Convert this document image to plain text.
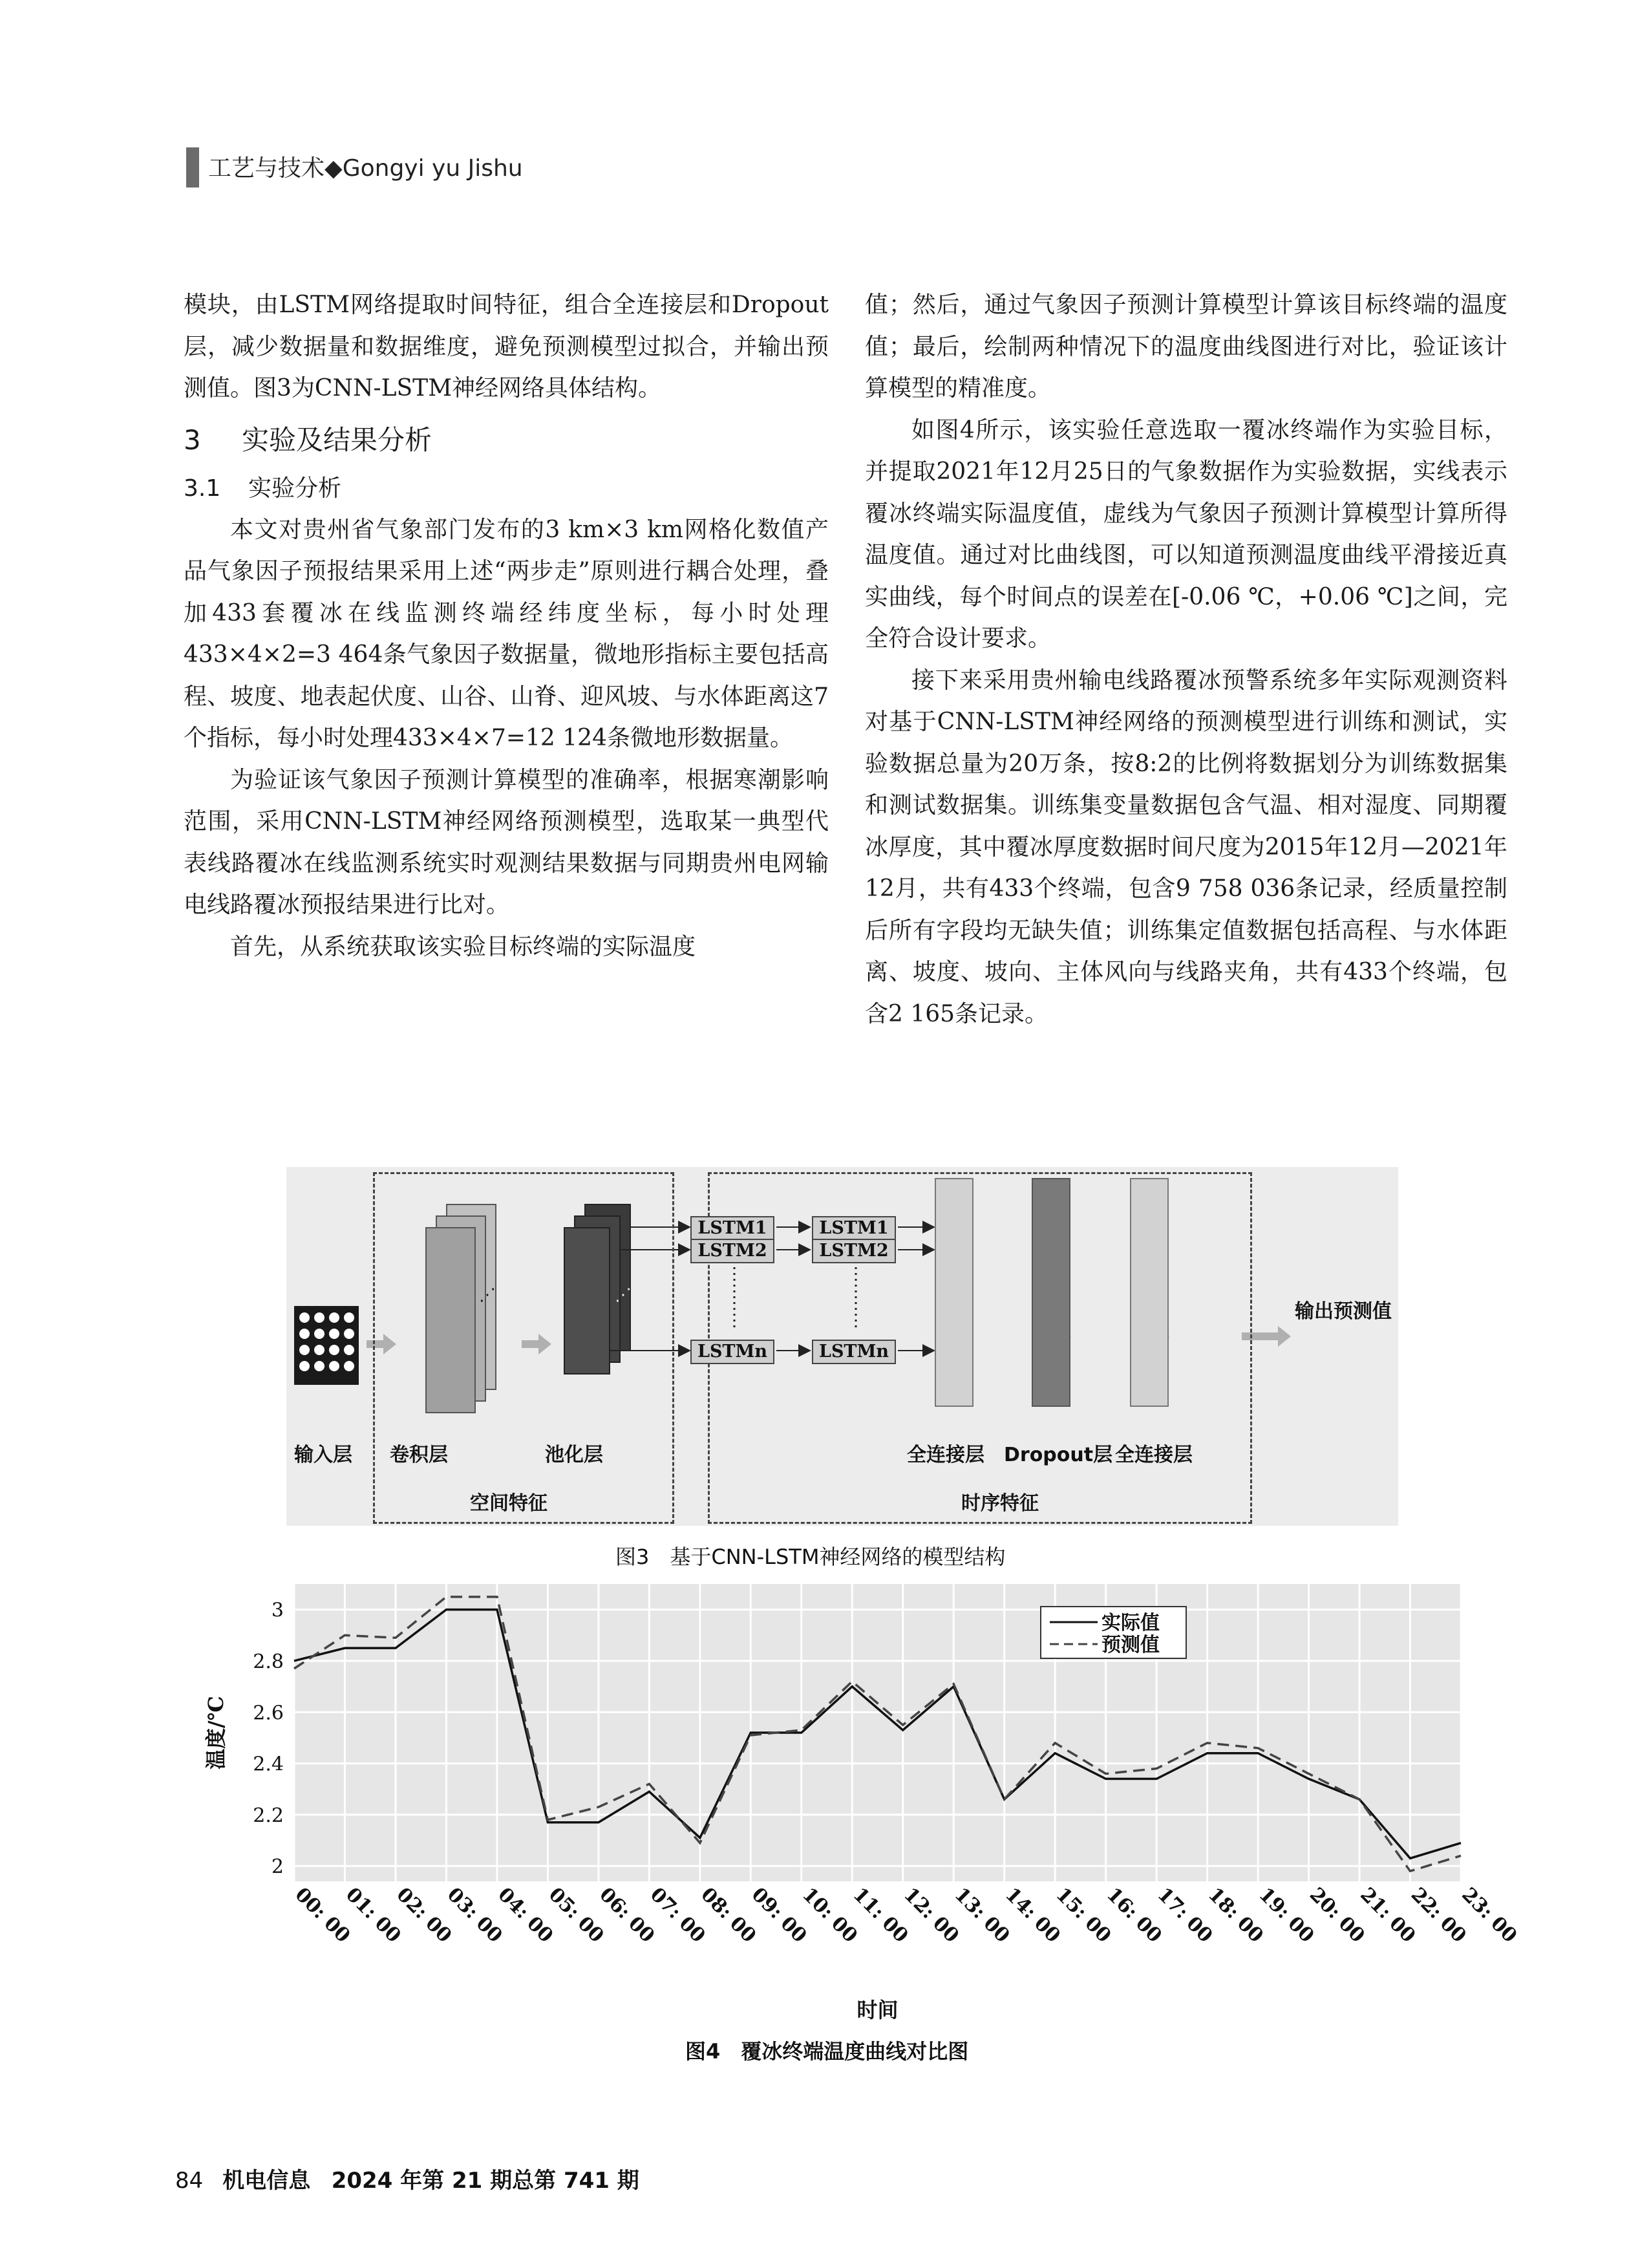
工艺与技术◆Gongyi yu Jishu

模块，由LSTM网络提取时间特征，组合全连接层和Dropout层，减少数据量和数据维度，避免预测模型过拟合，并输出预测值。图3为CNN-LSTM神经网络具体结构。

3 实验及结果分析
3.1 实验分析

本文对贵州省气象部门发布的3 km×3 km网格化数值产品气象因子预报结果采用上述“两步走”原则进行耦合处理，叠加433套覆冰在线监测终端经纬度坐标，每小时处理433×4×2=3 464条气象因子数据量，微地形指标主要包括高程、坡度、地表起伏度、山谷、山脊、迎风坡、与水体距离这7个指标，每小时处理433×4×7=12 124条微地形数据量。

为验证该气象因子预测计算模型的准确率，根据寒潮影响范围，采用CNN-LSTM神经网络预测模型，选取某一典型代表线路覆冰在线监测系统实时观测结果数据与同期贵州电网输电线路覆冰预报结果进行比对。

首先，从系统获取该实验目标终端的实际温度

值；然后，通过气象因子预测计算模型计算该目标终端的温度值；最后，绘制两种情况下的温度曲线图进行对比，验证该计算模型的精准度。

如图4所示，该实验任意选取一覆冰终端作为实验目标，并提取2021年12月25日的气象数据作为实验数据，实线表示覆冰终端实际温度值，虚线为气象因子预测计算模型计算所得温度值。通过对比曲线图，可以知道预测温度曲线平滑接近真实曲线，每个时间点的误差在[-0.06 ℃，+0.06 ℃]之间，完全符合设计要求。

接下来采用贵州输电线路覆冰预警系统多年实际观测资料对基于CNN-LSTM神经网络的预测模型进行训练和测试，实验数据总量为20万条，按8:2的比例将数据划分为训练数据集和测试数据集。训练集变量数据包含气温、相对湿度、同期覆冰厚度，其中覆冰厚度数据时间尺度为2015年12月—2021年12月，共有433个终端，包含9 758 036条记录，经质量控制后所有字段均无缺失值；训练集定值数据包括高程、与水体距离、坡度、坡向、主体风向与线路夹角，共有433个终端，包含2 165条记录。

⋰	⋰
LSTM1	LSTM1
LSTM2	LSTM2
LSTMn	LSTMn
输入层 卷积层	池化层	全连接层 Dropout层 全连接层
输出预测值
空间特征	时序特征
图3　基于CNN-LSTM神经网络的模型结构
2
2.2
2.4
2.6
2.8
3
00: 00
01: 00
02: 00
03: 00
04: 00
05: 00
06: 00
07: 00
08: 00
09: 00
10: 00
11: 00
12: 00
13: 00
14: 00
15: 00
16: 00
17: 00
18: 00
19: 00
20: 00
21: 00
22: 00
23: 00
温度/℃
时间
实际值
预测值
图4　覆冰终端温度曲线对比图
84 机电信息 2024 年第 21 期总第 741 期
